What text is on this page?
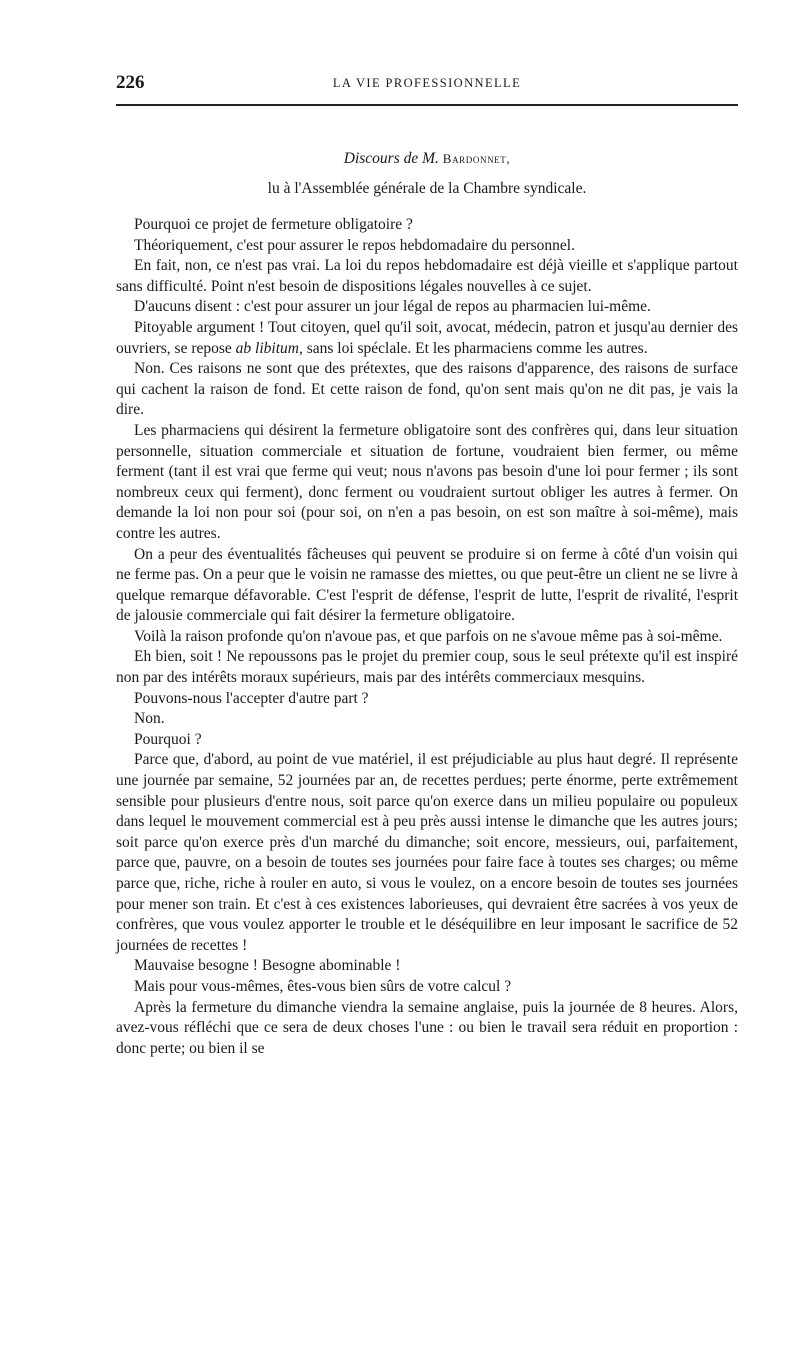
226	LA VIE PROFESSIONNELLE
Discours de M. Bardonnet,
lu à l'Assemblée générale de la Chambre syndicale.

Pourquoi ce projet de fermeture obligatoire ?

Théoriquement, c'est pour assurer le repos hebdomadaire du personnel.

En fait, non, ce n'est pas vrai. La loi du repos hebdomadaire est déjà vieille et s'applique partout sans difficulté. Point n'est besoin de dispositions légales nouvelles à ce sujet.

D'aucuns disent : c'est pour assurer un jour légal de repos au pharmacien lui-même.

Pitoyable argument ! Tout citoyen, quel qu'il soit, avocat, médecin, patron et jusqu'au dernier des ouvriers, se repose ab libitum, sans loi spéclale. Et les pharmaciens comme les autres.

Non. Ces raisons ne sont que des prétextes, que des raisons d'apparence, des raisons de surface qui cachent la raison de fond. Et cette raison de fond, qu'on sent mais qu'on ne dit pas, je vais la dire.

Les pharmaciens qui désirent la fermeture obligatoire sont des confrères qui, dans leur situation personnelle, situation commerciale et situation de fortune, voudraient bien fermer, ou même ferment (tant il est vrai que ferme qui veut; nous n'avons pas besoin d'une loi pour fermer ; ils sont nombreux ceux qui ferment), donc ferment ou voudraient surtout obliger les autres à fermer. On demande la loi non pour soi (pour soi, on n'en a pas besoin, on est son maître à soi-même), mais contre les autres.

On a peur des éventualités fâcheuses qui peuvent se produire si on ferme à côté d'un voisin qui ne ferme pas. On a peur que le voisin ne ramasse des miettes, ou que peut-être un client ne se livre à quelque remarque défavorable. C'est l'esprit de défense, l'esprit de lutte, l'esprit de rivalité, l'esprit de jalousie commerciale qui fait désirer la fermeture obligatoire.

Voilà la raison profonde qu'on n'avoue pas, et que parfois on ne s'avoue même pas à soi-même.

Eh bien, soit ! Ne repoussons pas le projet du premier coup, sous le seul prétexte qu'il est inspiré non par des intérêts moraux supérieurs, mais par des intérêts commerciaux mesquins.

Pouvons-nous l'accepter d'autre part ?

Non.

Pourquoi ?

Parce que, d'abord, au point de vue matériel, il est préjudiciable au plus haut degré. Il représente une journée par semaine, 52 journées par an, de recettes perdues; perte énorme, perte extrêmement sensible pour plusieurs d'entre nous, soit parce qu'on exerce dans un milieu populaire ou populeux dans lequel le mouvement commercial est à peu près aussi intense le dimanche que les autres jours; soit parce qu'on exerce près d'un marché du dimanche; soit encore, messieurs, oui, parfaitement, parce que, pauvre, on a besoin de toutes ses journées pour faire face à toutes ses charges; ou même parce que, riche, riche à rouler en auto, si vous le voulez, on a encore besoin de toutes ses journées pour mener son train. Et c'est à ces existences laborieuses, qui devraient être sacrées à vos yeux de confrères, que vous voulez apporter le trouble et le déséquilibre en leur imposant le sacrifice de 52 journées de recettes !

Mauvaise besogne ! Besogne abominable !

Mais pour vous-mêmes, êtes-vous bien sûrs de votre calcul ?

Après la fermeture du dimanche viendra la semaine anglaise, puis la journée de 8 heures. Alors, avez-vous réfléchi que ce sera de deux choses l'une : ou bien le travail sera réduit en proportion : donc perte; ou bien il se
